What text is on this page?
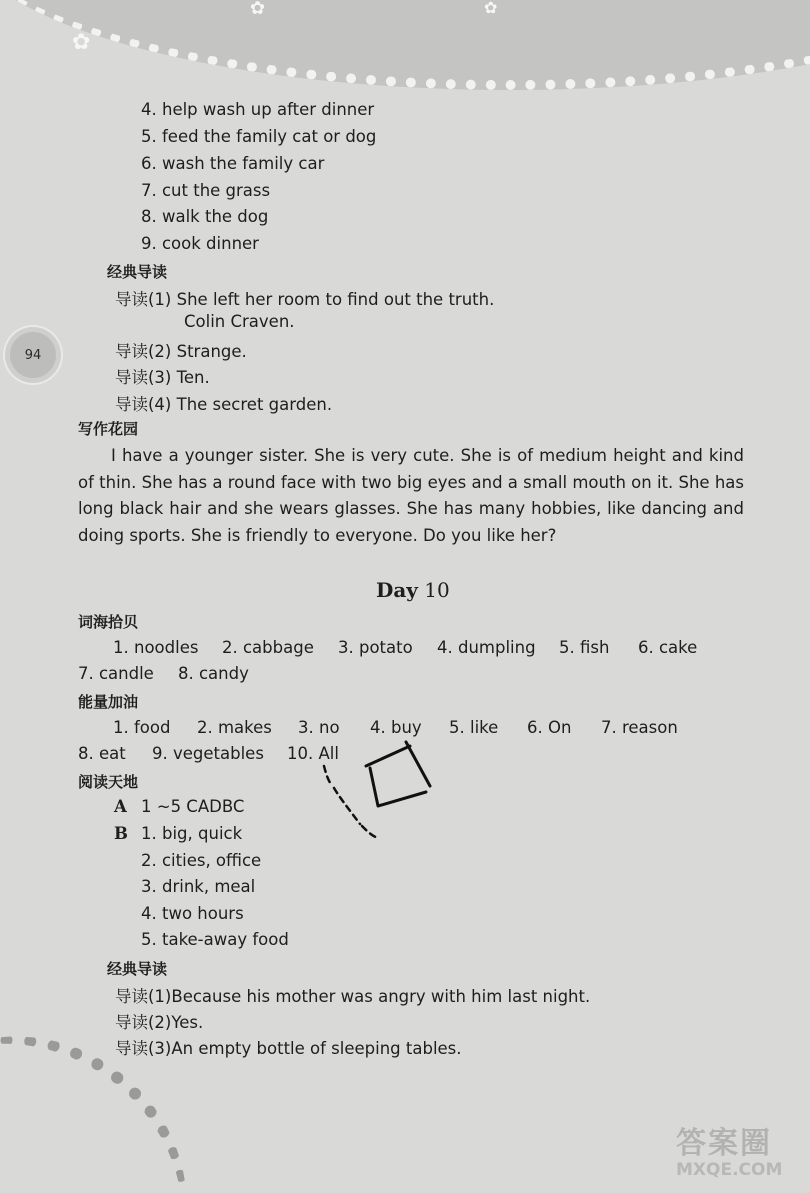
✿
✿	✿
94
4. help wash up after dinner
5. feed the family cat or dog
6. wash the family car
7. cut the grass
8. walk the dog
9. cook dinner
经典导读
导读(1) She left her room to find out the truth.
Colin Craven.
导读(2) Strange.
导读(3) Ten.
导读(4) The secret garden.
写作花园
I have a younger sister. She is very cute. She is of medium height and kind of thin. She has a round face with two big eyes and a small mouth on it. She has long black hair and she wears glasses. She has many hobbies, like dancing and doing sports. She is friendly to everyone. Do you like her?
Day 10
词海拾贝
1. noodles 2. cabbage 3. potato 4. dumpling 5. fish 6. cake
7. candle 8. candy
能量加油
1. food 2. makes 3. no 4. buy 5. like 6. On 7. reason
8. eat 9. vegetables 10. All
阅读天地
A 1 ~5 CADBC
B 1. big, quick
2. cities, office
3. drink, meal
4. two hours
5. take-away food
经典导读
导读(1)Because his mother was angry with him last night.
导读(2)Yes.
导读(3)An empty bottle of sleeping tables.
答案圈
MXQE.COM
